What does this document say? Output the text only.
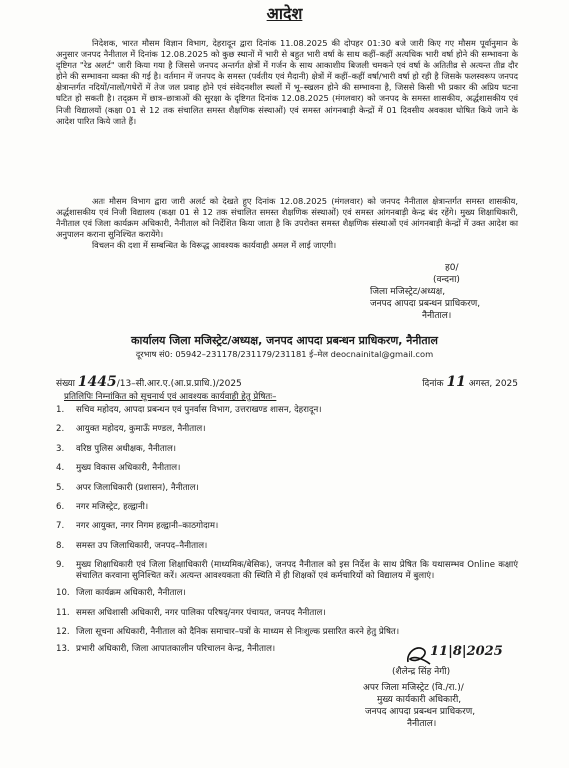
आदेश
निदेशक, भारत मौसम विज्ञान विभाग, देहरादून द्वारा दिनांक 11.08.2025 की दोपहर 01:30 बजे जारी किए गए मौसम पूर्वानुमान के अनुसार जनपद नैनीताल में दिनांक 12.08.2025 को कुछ स्थानों में भारी से बहुत भारी वर्षा के साथ कहीं–कहीं अत्यधिक भारी वर्षा होने की सम्भावना के दृष्टिगत "रेड अलर्ट" जारी किया गया है जिससे जनपद अन्तर्गत क्षेत्रों में गर्जन के साथ आकाशीय बिजली चमकने एवं वर्षा के अतितीव्र से अत्यन्त तीव्र दौर होने की सम्भावना व्यक्त की गई है। वर्तमान में जनपद के समस्त (पर्वतीय एवं मैदानी) क्षेत्रों में कहीं–कहीं वर्षा/भारी वर्षा हो रही है जिसके फलस्वरूप जनपद क्षेत्रान्तर्गत नदियों/नालों/गधेरों में तेज जल प्रवाह होने एवं संवेदनशील स्थलों में भू–स्खलन होने की सम्भावना है, जिससे किसी भी प्रकार की अप्रिय घटना घटित हो सकती है। तद्क्रम में छात्र–छात्राओं की सुरक्षा के दृष्टिगत दिनांक 12.08.2025 (मंगलवार) को जनपद के समस्त शासकीय, अर्द्धशासकीय एवं निजी विद्यालयों (कक्षा 01 से 12 तक संचालित समस्त शैक्षणिक संस्थाओं) एवं समस्त आंगनबाड़ी केन्द्रों में 01 दिवसीय अवकाश घोषित किये जाने के आदेश पारित किये जाते हैं।
अतः मौसम विभाग द्वारा जारी अलर्ट को देखते हुए दिनांक 12.08.2025 (मंगलवार) को जनपद नैनीताल क्षेत्रान्तर्गत समस्त शासकीय, अर्द्धशासकीय एवं निजी विद्यालय (कक्षा 01 से 12 तक संचालित समस्त शैक्षणिक संस्थाओं) एवं समस्त आंगनबाड़ी केन्द्र बंद रहेंगे। मुख्य शिक्षाधिकारी, नैनीताल एवं जिला कार्यक्रम अधिकारी, नैनीताल को निर्देशित किया जाता है कि उपरोक्त समस्त शैक्षणिक संस्थाओं एवं आंगनबाड़ी केन्द्रों में उक्त आदेश का अनुपालन कराना सुनिश्चित करायेंगे।
विचलन की दशा में सम्बन्धित के विरूद्ध आवश्यक कार्यवाही अमल में लाई जाएगी।
ह0/
(वन्दना)
जिला मजिस्ट्रेट/अध्यक्ष,
जनपद आपदा प्रबन्धन प्राधिकरण,
नैनीताल।
कार्यालय जिला मजिस्ट्रेट/अध्यक्ष, जनपद आपदा प्रबन्धन प्राधिकरण, नैनीताल
दूरभाष सं0: 05942–231178/231179/231181 ई–मेल deocnainital@gmail.com
संख्या 1445/13–सी.आर.ए.(आ.प्र.प्राधि.)/2025	दिनांक 11 अगस्त, 2025
प्रतिलिपिः निम्नांकित को सूचनार्थ एवं आवश्यक कार्यवाही हेतु प्रेषितः–
1.	सचिव महोदय, आपदा प्रबन्धन एवं पुनर्वास विभाग, उत्तराखण्ड शासन, देहरादून।
2.	आयुक्त महोदय, कुमाऊँ मण्डल, नैनीताल।
3.	वरिष्ठ पुलिस अधीक्षक, नैनीताल।
4.	मुख्य विकास अधिकारी, नैनीताल।
5.	अपर जिलाधिकारी (प्रशासन), नैनीताल।
6.	नगर मजिस्ट्रेट, हल्द्वानी।
7.	नगर आयुक्त, नगर निगम हल्द्वानी–काठगोदाम।
8.	समस्त उप जिलाधिकारी, जनपद–नैनीताल।
9.	मुख्य शिक्षाधिकारी एवं जिला शिक्षाधिकारी (माध्यमिक/बेसिक), जनपद नैनीताल को इस निर्देश के साथ प्रेषित कि यथासम्भव Online कक्षाएं संचालित करवाना सुनिश्चित करें। अत्यन्त आवश्यकता की स्थिति में ही शिक्षकों एवं कर्मचारियों को विद्यालय में बुलाएं।
10. जिला कार्यक्रम अधिकारी, नैनीताल।
11. समस्त अधिशासी अधिकारी, नगर पालिका परिषद्/नगर पंचायत, जनपद नैनीताल।
12. जिला सूचना अधिकारी, नैनीताल को दैनिक समाचार–पत्रों के माध्यम से निःशुल्क प्रसारित करने हेतु प्रेषित।
13. प्रभारी अधिकारी, जिला आपातकालीन परिचालन केन्द्र, नैनीताल।	11|8|2025
(शैलेन्द्र सिंह नेगी)
अपर जिला मजिस्ट्रेट (वि./रा.)/
मुख्य कार्यकारी अधिकारी,
जनपद आपदा प्रबन्धन प्राधिकरण,
नैनीताल।
